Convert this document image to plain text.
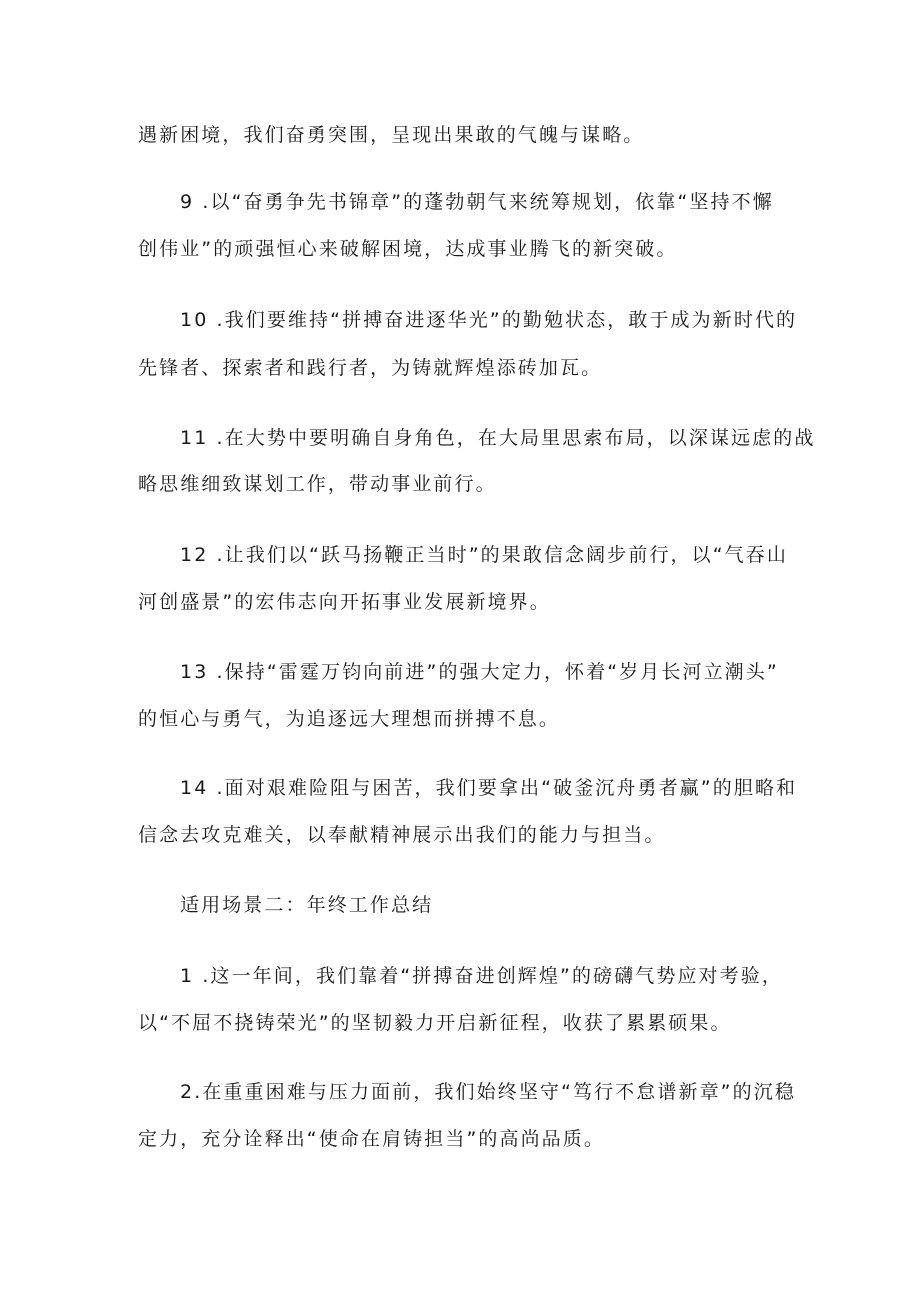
遇新困境，我们奋勇突围，呈现出果敢的气魄与谋略。
9 .以“奋勇争先书锦章”的蓬勃朝气来统筹规划，依靠“坚持不懈
创伟业”的顽强恒心来破解困境，达成事业腾飞的新突破。
10 .我们要维持“拼搏奋进逐华光”的勤勉状态，敢于成为新时代的
先锋者、探索者和践行者，为铸就辉煌添砖加瓦。
11 .在大势中要明确自身角色，在大局里思索布局，以深谋远虑的战
略思维细致谋划工作，带动事业前行。
12 .让我们以“跃马扬鞭正当时”的果敢信念阔步前行，以“气吞山
河创盛景”的宏伟志向开拓事业发展新境界。
13 .保持“雷霆万钧向前进”的强大定力，怀着“岁月长河立潮头”
的恒心与勇气，为追逐远大理想而拼搏不息。
14 .面对艰难险阻与困苦，我们要拿出“破釜沉舟勇者赢”的胆略和
信念去攻克难关，以奉献精神展示出我们的能力与担当。
适用场景二：年终工作总结
1 .这一年间，我们靠着“拼搏奋进创辉煌”的磅礴气势应对考验，
以“不屈不挠铸荣光”的坚韧毅力开启新征程，收获了累累硕果。
2.在重重困难与压力面前，我们始终坚守“笃行不怠谱新章”的沉稳
定力，充分诠释出“使命在肩铸担当”的高尚品质。
